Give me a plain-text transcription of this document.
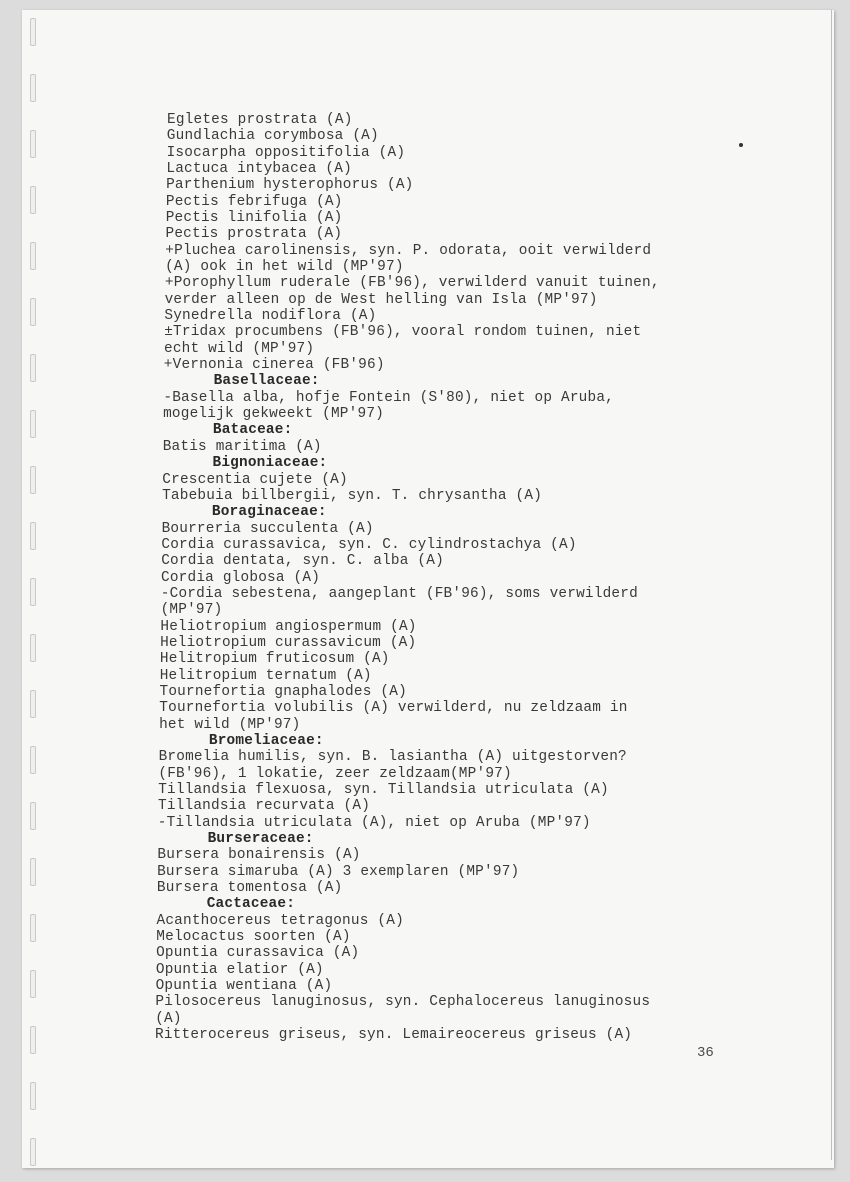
Egletes prostrata (A)
Gundlachia corymbosa (A)
Isocarpha oppositifolia (A)
Lactuca intybacea (A)
Parthenium hysterophorus (A)
Pectis febrifuga (A)
Pectis linifolia (A)
Pectis prostrata (A)
+Pluchea carolinensis, syn. P. odorata, ooit verwilderd
(A) ook in het wild (MP'97)
+Porophyllum ruderale (FB'96), verwilderd vanuit tuinen,
verder alleen op de West helling van Isla (MP'97)
Synedrella nodiflora (A)
±Tridax procumbens (FB'96), vooral rondom tuinen, niet
echt wild (MP'97)
+Vernonia cinerea (FB'96)
Basellaceae:
-Basella alba, hofje Fontein (S'80), niet op Aruba,
mogelijk gekweekt (MP'97)
Bataceae:
Batis maritima (A)
Bignoniaceae:
Crescentia cujete (A)
Tabebuia billbergii, syn. T. chrysantha (A)
Boraginaceae:
Bourreria succulenta (A)
Cordia curassavica, syn. C. cylindrostachya (A)
Cordia dentata, syn. C. alba (A)
Cordia globosa (A)
-Cordia sebestena, aangeplant (FB'96), soms verwilderd
(MP'97)
Heliotropium angiospermum (A)
Heliotropium curassavicum (A)
Helitropium fruticosum (A)
Helitropium ternatum (A)
Tournefortia gnaphalodes (A)
Tournefortia volubilis (A) verwilderd, nu zeldzaam in
het wild (MP'97)
Bromeliaceae:
Bromelia humilis, syn. B. lasiantha (A) uitgestorven?
(FB'96), 1 lokatie, zeer zeldzaam(MP'97)
Tillandsia flexuosa, syn. Tillandsia utriculata (A)
Tillandsia recurvata (A)
-Tillandsia utriculata (A), niet op Aruba (MP'97)
Burseraceae:
Bursera bonairensis (A)
Bursera simaruba (A) 3 exemplaren (MP'97)
Bursera tomentosa (A)
Cactaceae:
Acanthocereus tetragonus (A)
Melocactus soorten (A)
Opuntia curassavica (A)
Opuntia elatior (A)
Opuntia wentiana (A)
Pilosocereus lanuginosus, syn. Cephalocereus lanuginosus
(A)
Ritterocereus griseus, syn. Lemaireocereus griseus (A)
36
